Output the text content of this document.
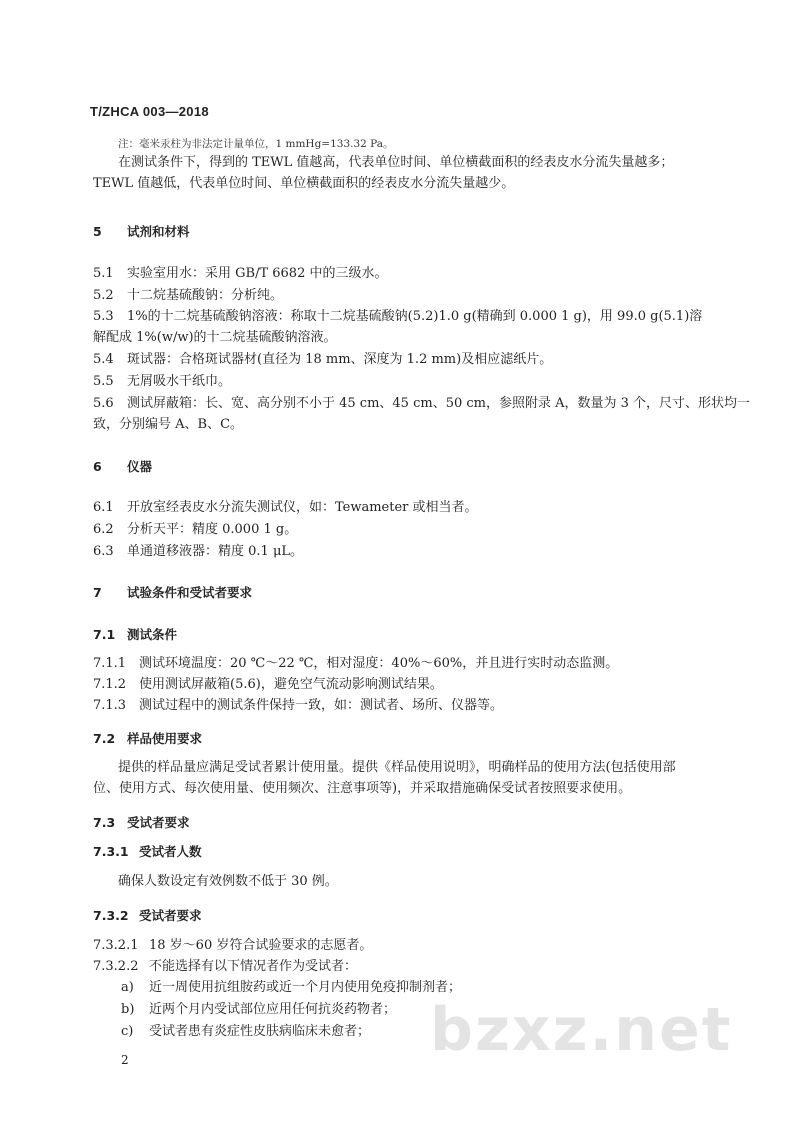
T/ZHCA 003—2018
注：毫米汞柱为非法定计量单位，1 mmHg=133.32 Pa。
在测试条件下，得到的 TEWL 值越高，代表单位时间、单位横截面积的经表皮水分流失量越多；
TEWL 值越低，代表单位时间、单位横截面积的经表皮水分流失量越少。
5 试剂和材料
5.1 实验室用水：采用 GB/T 6682 中的三级水。
5.2 十二烷基硫酸钠：分析纯。
5.3 1%的十二烷基硫酸钠溶液：称取十二烷基硫酸钠(5.2)1.0 g(精确到 0.000 1 g)，用 99.0 g(5.1)溶
解配成 1%(w/w)的十二烷基硫酸钠溶液。
5.4 斑试器：合格斑试器材(直径为 18 mm、深度为 1.2 mm)及相应滤纸片。
5.5 无屑吸水干纸巾。
5.6 测试屏蔽箱：长、宽、高分别不小于 45 cm、45 cm、50 cm，参照附录 A，数量为 3 个，尺寸、形状均一
致，分别编号 A、B、C。
6 仪器
6.1 开放室经表皮水分流失测试仪，如：Tewameter 或相当者。
6.2 分析天平：精度 0.000 1 g。
6.3 单通道移液器：精度 0.1 μL。
7 试验条件和受试者要求
7.1 测试条件
7.1.1 测试环境温度：20 ℃～22 ℃，相对湿度：40%～60%，并且进行实时动态监测。
7.1.2 使用测试屏蔽箱(5.6)，避免空气流动影响测试结果。
7.1.3 测试过程中的测试条件保持一致，如：测试者、场所、仪器等。
7.2 样品使用要求
提供的样品量应满足受试者累计使用量。提供《样品使用说明》，明确样品的使用方法(包括使用部
位、使用方式、每次使用量、使用频次、注意事项等)，并采取措施确保受试者按照要求使用。
7.3 受试者要求
7.3.1 受试者人数
确保人数设定有效例数不低于 30 例。
7.3.2 受试者要求
7.3.2.1 18 岁～60 岁符合试验要求的志愿者。
7.3.2.2 不能选择有以下情况者作为受试者：
a) 近一周使用抗组胺药或近一个月内使用免疫抑制剂者；
b) 近两个月内受试部位应用任何抗炎药物者；
c) 受试者患有炎症性皮肤病临床未愈者；
2	bzxz.net
